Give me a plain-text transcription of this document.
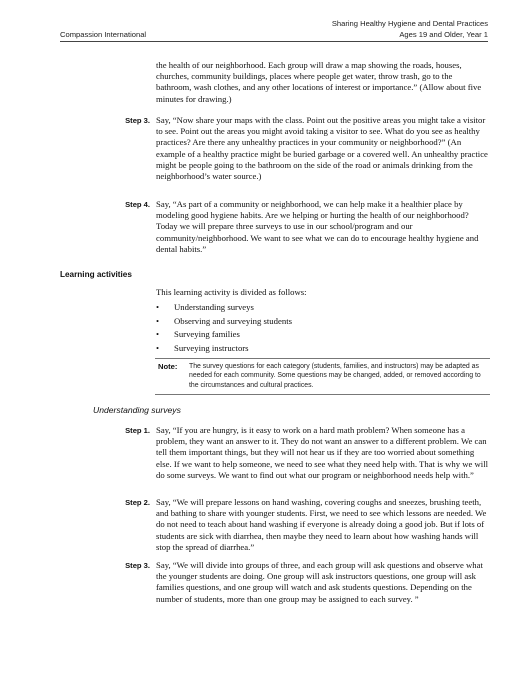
Compassion International
Sharing Healthy Hygiene and Dental Practices
Ages 19 and Older, Year 1
the health of our neighborhood. Each group will draw a map showing the roads, houses, churches, community buildings, places where people get water, throw trash, go to the bathroom, wash clothes, and any other locations of interest or importance.” (Allow about five minutes for drawing.)
Step 3. Say, “Now share your maps with the class. Point out the positive areas you might take a visitor to see. Point out the areas you might avoid taking a visitor to see. What do you see as healthy practices? Are there any unhealthy practices in your community or neighborhood?” (An example of a healthy practice might be buried garbage or a covered well. An unhealthy practice might be people going to the bathroom on the side of the road or animals drinking from the neighborhood’s water source.)
Step 4. Say, “As part of a community or neighborhood, we can help make it a healthier place by modeling good hygiene habits. Are we helping or hurting the health of our neighborhood? Today we will prepare three surveys to use in our school/program and our community/neighborhood. We want to see what we can do to encourage healthy hygiene and dental habits.”
Learning activities
This learning activity is divided as follows:
• Understanding surveys
• Observing and surveying students
• Surveying families
• Surveying instructors
Note: The survey questions for each category (students, families, and instructors) may be adapted as needed for each community. Some questions may be changed, added, or removed according to the circumstances and cultural practices.
Understanding surveys
Step 1. Say, “If you are hungry, is it easy to work on a hard math problem? When someone has a problem, they want an answer to it. They do not want an answer to a different problem. We can tell them important things, but they will not hear us if they are too worried about something else. If we want to help someone, we need to see what they need help with. That is why we will do some surveys. We want to find out what our program or neighborhood needs help with.”
Step 2. Say, “We will prepare lessons on hand washing, covering coughs and sneezes, brushing teeth, and bathing to share with younger students. First, we need to see which lessons are needed. We do not need to teach about hand washing if everyone is already doing a good job. But if lots of students are sick with diarrhea, then maybe they need to learn about how washing hands will stop the spread of diarrhea.”
Step 3. Say, “We will divide into groups of three, and each group will ask questions and observe what the younger students are doing. One group will ask instructors questions, one group will ask families questions, and one group will watch and ask students questions. Depending on the number of students, more than one group may be assigned to each survey. ”
